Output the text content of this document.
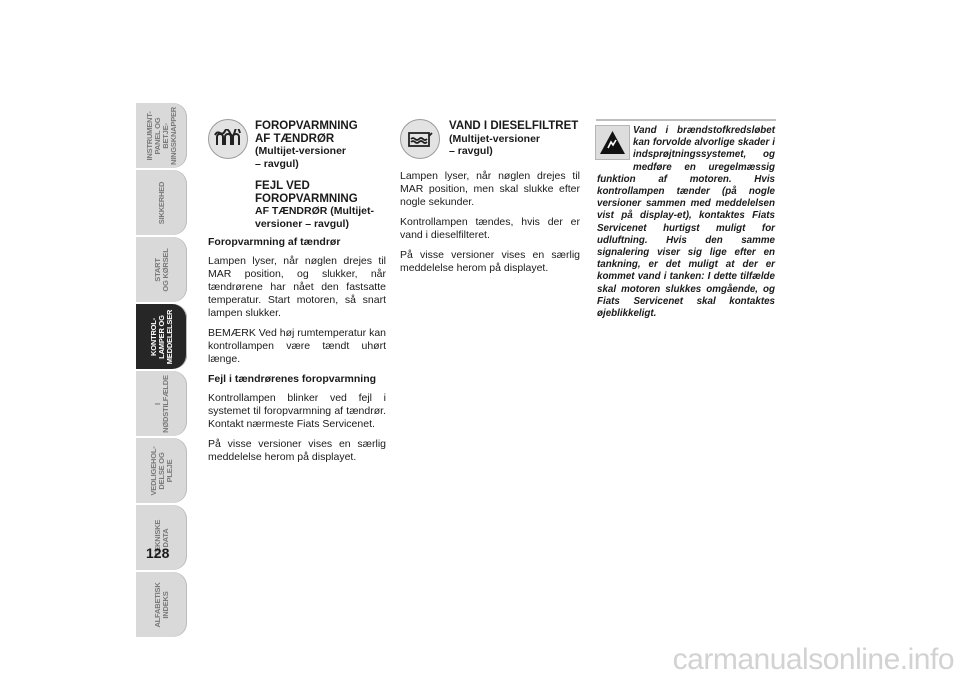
INSTRUMENT-
PANEL OG BETJE-
NINGSKNAPPER
SIKKERHED
START
OG KØRSEL
KONTROL-
LAMPER OG
MEDDELELSER
I
NØDSTILFÆLDE
VEDLIGEHOL-
DELSE OG
PLEJE
TEKNISKE
DATA
ALFABETISK
INDEKS
128
FOROPVARMNING
AF TÆNDRØR
(Multijet-versioner
– ravgul)
FEJL VED
FOROPVARMNING
AF TÆNDRØR (Multijet-
versioner – ravgul)

Foropvarmning af tændrør

Lampen lyser, når nøglen drejes til MAR position, og slukker, når tændrørene har nået den fastsatte temperatur. Start motoren, så snart lampen slukker.

BEMÆRK Ved høj rumtemperatur kan kontrollampen være tændt uhørt længe.

Fejl i tændrørenes foropvarmning

Kontrollampen blinker ved fejl i systemet til foropvarmning af tændrør. Kontakt nærmeste Fiats Servicenet.

På visse versioner vises en særlig meddelelse herom på displayet.

VAND I DIESELFILTRET
(Multijet-versioner
– ravgul)

Lampen lyser, når nøglen drejes til MAR position, men skal slukke efter nogle sekunder.

Kontrollampen tændes, hvis der er vand i dieselfilteret.

På visse versioner vises en særlig meddelelse herom på displayet.

Vand i brændstofkredsløbet kan forvolde alvorlige skader i indsprøjtningssystemet, og medføre en uregelmæssig funktion af motoren. Hvis kontrollampen tænder (på nogle versioner sammen med meddelelsen vist på display-et), kontaktes Fiats Servicenet hurtigst muligt for udluftning. Hvis den samme signalering viser sig lige efter en tankning, er det muligt at der er kommet vand i tanken: I dette tilfælde skal motoren slukkes omgående, og Fiats Servicenet skal kontaktes øjeblikkeligt.
carmanualsonline.info
